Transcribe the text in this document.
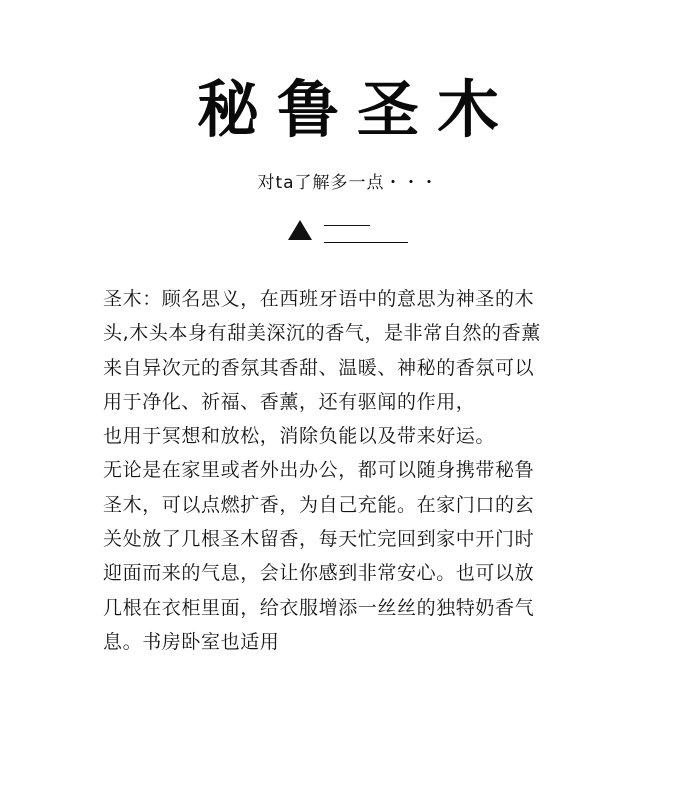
秘鲁圣木
对ta了解多一点・・・
圣木：顾名思义，在西班牙语中的意思为神圣的木
头,木头本身有甜美深沉的香气，是非常自然的香薰
来自异次元的香氛其香甜、温暖、神秘的香氛可以
用于净化、祈福、香薰，还有驱闻的作用，
也用于冥想和放松，消除负能以及带来好运。
无论是在家里或者外出办公，都可以随身携带秘鲁
圣木，可以点燃扩香，为自己充能。在家门口的玄
关处放了几根圣木留香，每天忙完回到家中开门时
迎面而来的气息，会让你感到非常安心。也可以放
几根在衣柜里面，给衣服增添一丝丝的独特奶香气
息。书房卧室也适用
